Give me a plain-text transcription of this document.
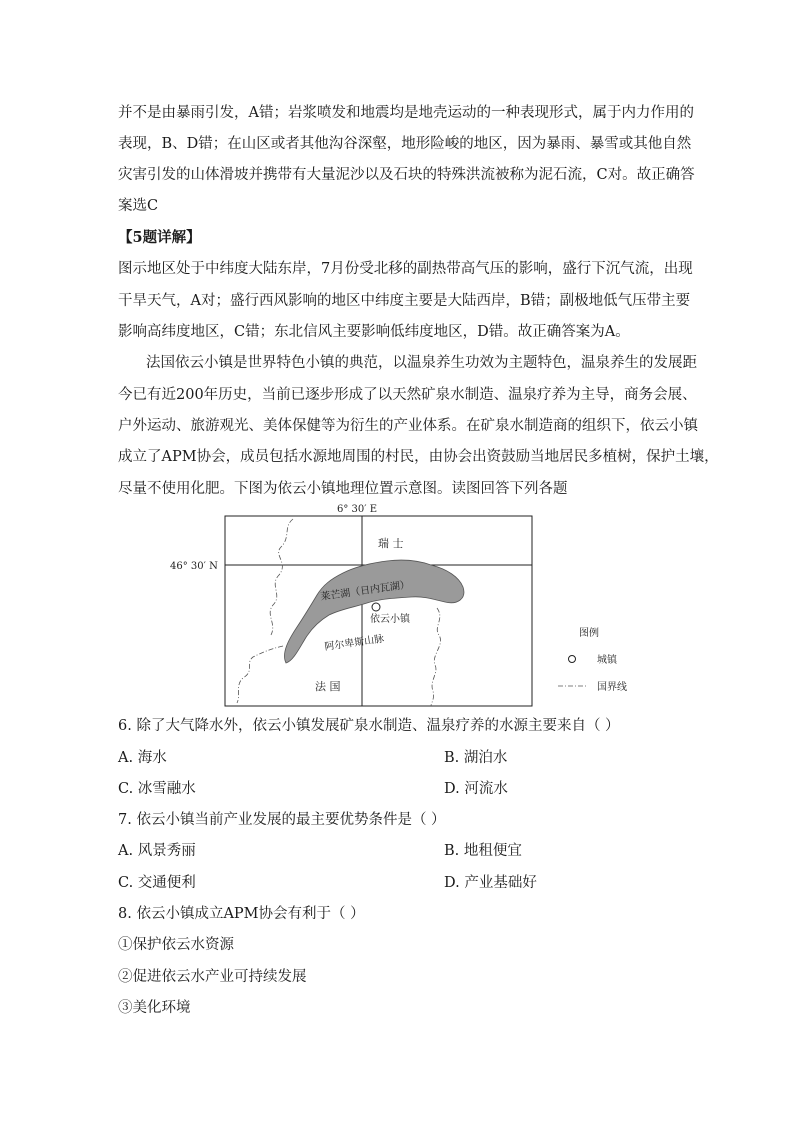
并不是由暴雨引发，A错；岩浆喷发和地震均是地壳运动的一种表现形式，属于内力作用的
表现，B、D错；在山区或者其他沟谷深壑，地形险峻的地区，因为暴雨、暴雪或其他自然
灾害引发的山体滑坡并携带有大量泥沙以及石块的特殊洪流被称为泥石流，C对。故正确答
案选C
【5题详解】
图示地区处于中纬度大陆东岸，7月份受北移的副热带高气压的影响，盛行下沉气流，出现
干旱天气，A对；盛行西风影响的地区中纬度主要是大陆西岸，B错；副极地低气压带主要
影响高纬度地区，C错；东北信风主要影响低纬度地区，D错。故正确答案为A。
法国依云小镇是世界特色小镇的典范，以温泉养生功效为主题特色，温泉养生的发展距
今已有近200年历史，当前已逐步形成了以天然矿泉水制造、温泉疗养为主导，商务会展、
户外运动、旅游观光、美体保健等为衍生的产业体系。在矿泉水制造商的组织下，依云小镇
成立了APM协会，成员包括水源地周围的村民，由协会出资鼓励当地居民多植树，保护土壤，
尽量不使用化肥。下图为依云小镇地理位置示意图。读图回答下列各题
6° 30′ E
46° 30′ N
莱芒湖（日内瓦湖）
依云小镇
瑞 士
阿尔卑斯山脉
法 国
图例
城镇
国界线
6. 除了大气降水外，依云小镇发展矿泉水制造、温泉疗养的水源主要来自（ ）
A. 海水	B. 湖泊水
C. 冰雪融水	D. 河流水
7. 依云小镇当前产业发展的最主要优势条件是（ ）
A. 风景秀丽	B. 地租便宜
C. 交通便利	D. 产业基础好
8. 依云小镇成立APM协会有利于（ ）
①保护依云水资源
②促进依云水产业可持续发展
③美化环境
